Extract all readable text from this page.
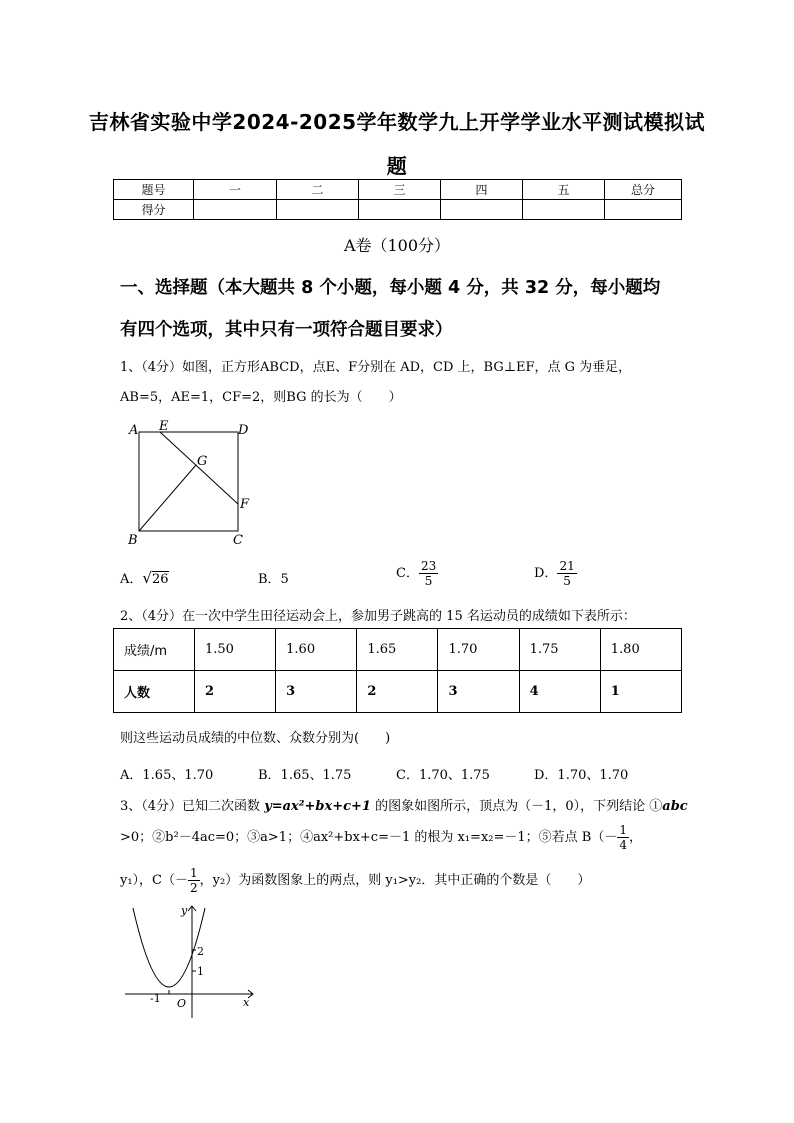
吉林省实验中学2024-2025学年数学九上开学学业水平测试模拟试
题
题号	一	二	三	四	五	总分
得分						
A卷（100分）
一、选择题（本大题共 8 个小题，每小题 4 分，共 32 分，每小题均
有四个选项，其中只有一项符合题目要求）
1、（4分）如图，正方形ABCD，点E、F分别在 AD，CD 上，BG⊥EF，点 G 为垂足，
AB=5，AE=1，CF=2，则BG 的长为（　　）
A E	D
G
F
B	C
A．√26	B．5	C． $\frac{23}{5}$	D． $\frac{21}{5}$
2、（4分）在一次中学生田径运动会上，参加男子跳高的 15 名运动员的成绩如下表所示：
成绩/m	1.50	1.60	1.65	1.70	1.75	1.80
人数	2	3	2	3	4	1
则这些运动员成绩的中位数、众数分别为(　　)
A．1.65、1.70	B．1.65、1.75	C．1.70、1.75	D．1.70、1.70
3、（4分）已知二次函数 y=ax²+bx+c+1 的图象如图所示，顶点为（－1，0），下列结论 ①abc
>0；②b²－4ac=0；③a>1；④ax²+bx+c=－1 的根为 x₁=x₂=－1；⑤若点 $B(- \frac{1}{4}$ ，
y₁），$C(- \frac{1}{2}$ ，y₂）为函数图象上的两点，则 y₁>y₂．其中正确的个数是（　　）
y
x
2
1
-1 O
